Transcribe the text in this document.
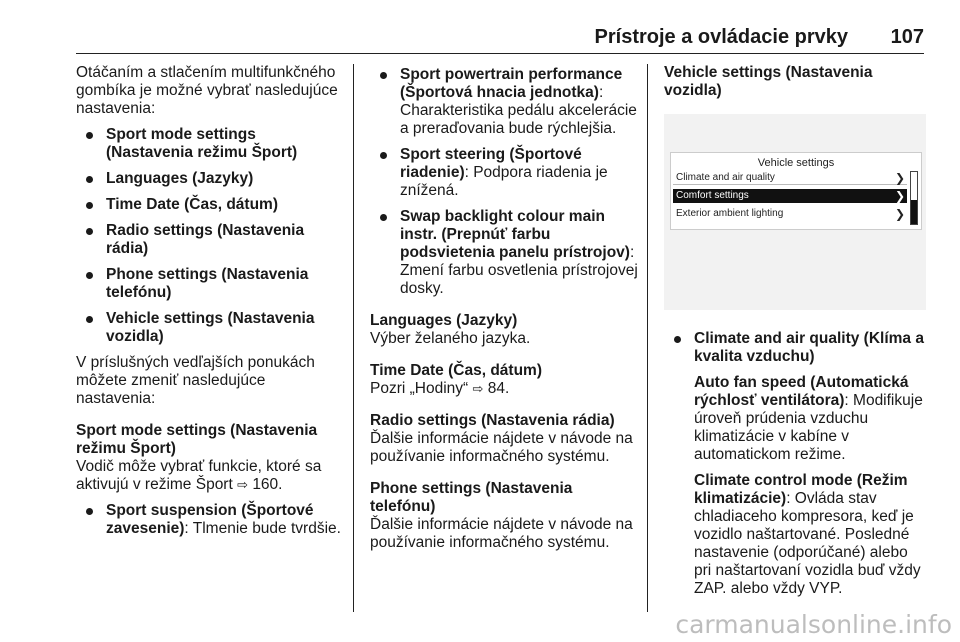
Prístroje a ovládacie prvky 107

Otáčaním a stlačením multifunkčného gombíka je možné vybrať nasledujúce nastavenia:

Sport mode settings (Nastavenia režimu Šport)
Languages (Jazyky)
Time Date (Čas, dátum)
Radio settings (Nastavenia rádia)
Phone settings (Nastavenia telefónu)
Vehicle settings (Nastavenia vozidla)

V príslušných vedľajších ponukách môžete zmeniť nasledujúce nastavenia:

Sport mode settings (Nastavenia režimu Šport)
Vodič môže vybrať funkcie, ktoré sa aktivujú v režime Šport ⇨ 160.

Sport suspension (Športové zavesenie): Tlmenie bude tvrdšie.
Sport powertrain performance (Športová hnacia jednotka): Charakteristika pedálu akcelerácie a preraďovania bude rýchlejšia.
Sport steering (Športové riadenie): Podpora riadenia je znížená.
Swap backlight colour main instr. (Prepnúť farbu podsvietenia panelu prístrojov): Zmení farbu osvetlenia prístrojovej dosky.

Languages (Jazyky)
Výber želaného jazyka.

Time Date (Čas, dátum)
Pozri „Hodiny“ ⇨ 84.

Radio settings (Nastavenia rádia)
Ďalšie informácie nájdete v návode na používanie informačného systému.

Phone settings (Nastavenia telefónu)
Ďalšie informácie nájdete v návode na používanie informačného systému.

Vehicle settings (Nastavenia vozidla)
Vehicle settings
Climate and air quality	❯
Comfort settings	❯
Exterior ambient lighting	❯
Climate and air quality (Klíma a kvalita vzduchu)

Auto fan speed (Automatická rýchlosť ventilátora): Modifikuje úroveň prúdenia vzduchu klimatizácie v kabíne v automatickom režime.

Climate control mode (Režim klimatizácie): Ovláda stav chladiaceho kompresora, keď je vozidlo naštartované. Posledné nastavenie (odporúčané) alebo pri naštartovaní vozidla buď vždy ZAP. alebo vždy VYP.

carmanualsonline.info
